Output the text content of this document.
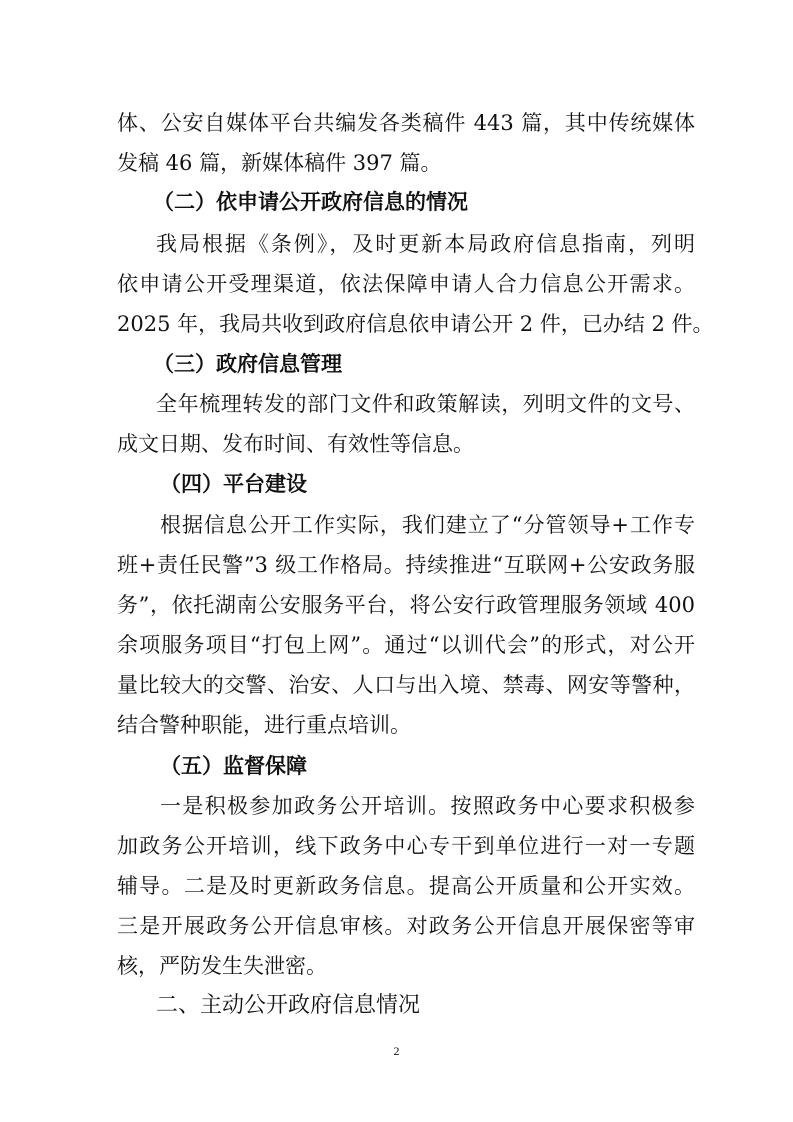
体、公安自媒体平台共编发各类稿件 443 篇，其中传统媒体
发稿 46 篇，新媒体稿件 397 篇。
（二）依申请公开政府信息的情况
我局根据《条例》，及时更新本局政府信息指南，列明
依申请公开受理渠道，依法保障申请人合力信息公开需求。
2025 年，我局共收到政府信息依申请公开 2 件，已办结 2 件。
（三）政府信息管理
全年梳理转发的部门文件和政策解读，列明文件的文号、
成文日期、发布时间、有效性等信息。
（四）平台建设
根据信息公开工作实际，我们建立了“分管领导+工作专
班+责任民警”3 级工作格局。持续推进“互联网+公安政务服
务”，依托湖南公安服务平台，将公安行政管理服务领域 400
余项服务项目“打包上网”。通过“以训代会”的形式，对公开
量比较大的交警、治安、人口与出入境、禁毒、网安等警种，
结合警种职能，进行重点培训。
（五）监督保障
一是积极参加政务公开培训。按照政务中心要求积极参
加政务公开培训，线下政务中心专干到单位进行一对一专题
辅导。二是及时更新政务信息。提高公开质量和公开实效。
三是开展政务公开信息审核。对政务公开信息开展保密等审
核，严防发生失泄密。
二、主动公开政府信息情况
2
